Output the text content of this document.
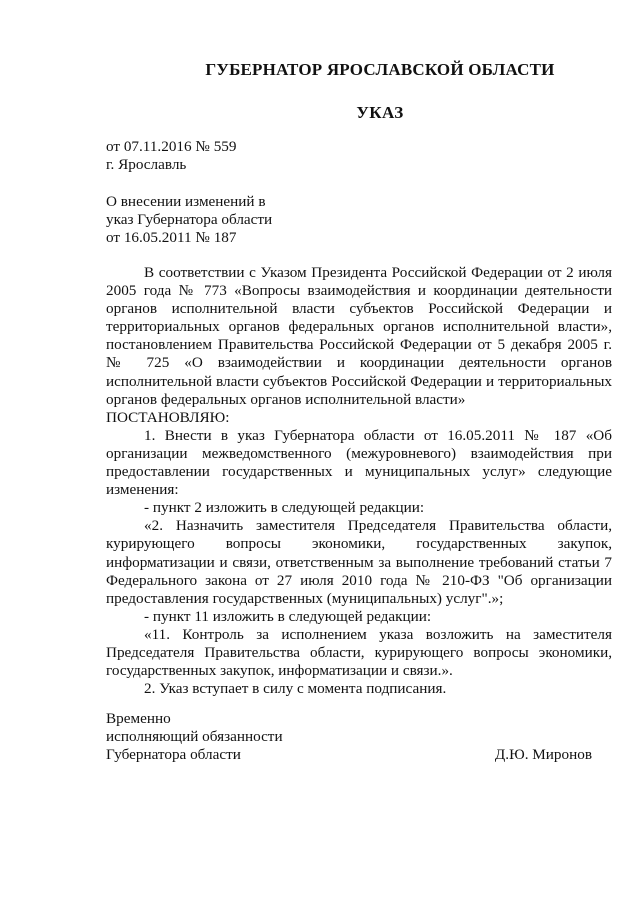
ГУБЕРНАТОР ЯРОСЛАВСКОЙ ОБЛАСТИ
УКАЗ
от 07.11.2016 № 559
г. Ярославль
О внесении изменений в
указ Губернатора области
от 16.05.2011 № 187

В соответствии с Указом Президента Российской Федерации от 2 июля 2005 года № 773 «Вопросы взаимодействия и координации деятельности органов исполнительной власти субъектов Российской Федерации и территориальных органов федеральных органов исполнительной власти», постановлением Правительства Российской Федерации от 5 декабря 2005 г. № 725 «О взаимодействии и координации деятельности органов исполнительной власти субъектов Российской Федерации и территориальных органов федеральных органов исполнительной власти»

ПОСТАНОВЛЯЮ:

1. Внести в указ Губернатора области от 16.05.2011 № 187 «Об организации межведомственного (межуровневого) взаимодействия при предоставлении государственных и муниципальных услуг» следующие изменения:

- пункт 2 изложить в следующей редакции:

«2. Назначить заместителя Председателя Правительства области, курирующего вопросы экономики, государственных закупок, информатизации и связи, ответственным за выполнение требований статьи 7 Федерального закона от 27 июля 2010 года № 210-ФЗ "Об организации предоставления государственных (муниципальных) услуг".»;

- пункт 11 изложить в следующей редакции:

«11. Контроль за исполнением указа возложить на заместителя Председателя Правительства области, курирующего вопросы экономики, государственных закупок, информатизации и связи.».

2. Указ вступает в силу с момента подписания.

Временно
исполняющий обязанности
Губернатора области	Д.Ю. Миронов
